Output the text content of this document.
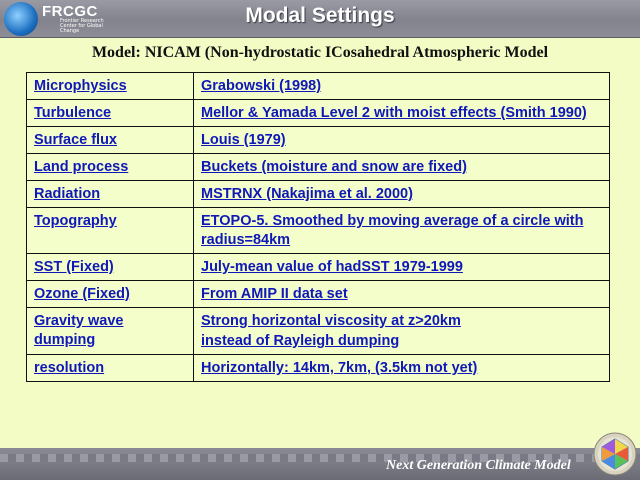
FRCGC
Frontier Research Center for Global Change
Modal Settings
Model: NICAM (Non-hydrostatic ICosahedral Atmospheric Model
Microphysics	Grabowski (1998)
Turbulence	Mellor & Yamada Level 2 with moist effects (Smith 1990)
Surface flux	Louis (1979)
Land process	Buckets (moisture and snow are fixed)
Radiation	MSTRNX (Nakajima et al. 2000)
Topography	ETOPO-5. Smoothed by moving average of a circle with radius=84km
SST (Fixed)	July-mean value of hadSST 1979-1999
Ozone (Fixed)	From AMIP II data set
Gravity wave dumping	Strong horizontal viscosity at z>20km
instead of Rayleigh dumping

resolution	Horizontally: 14km, 7km, (3.5km not yet)
Next Generation Climate Model
